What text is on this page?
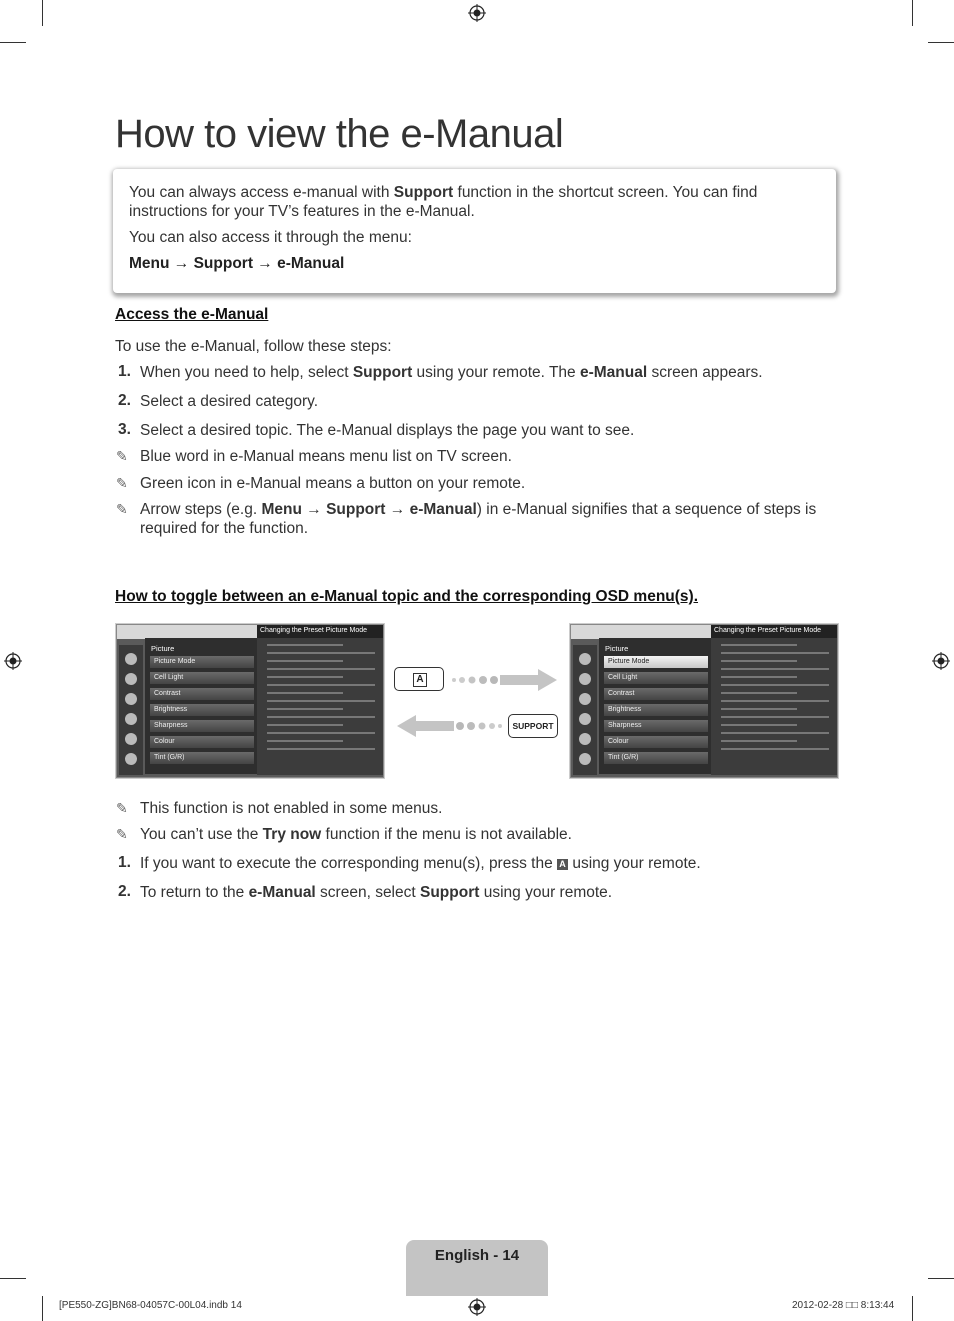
How to view the e-Manual

You can always access e-manual with Support function in the shortcut screen. You can find
instructions for your TV’s features in the e-Manual.

You can also access it through the menu:

Menu → Support → e-Manual

Access the e-Manual

To use the e-Manual, follow these steps:

1. When you need to help, select Support using your remote. The e-Manual screen appears.

2. Select a desired category.

3. Select a desired topic. The e-Manual displays the page you want to see.

✎ Blue word in e-Manual means menu list on TV screen.

✎ Green icon in e-Manual means a button on your remote.

✎ Arrow steps (e.g. Menu → Support → e-Manual) in e-Manual signifies that a sequence of steps is
required for the function.

How to toggle between an e-Manual topic and the corresponding OSD menu(s).
Picture
Picture Mode
Cell Light
Contrast
Brightness
Sharpness
Colour
Tint (G/R)
Changing the Preset Picture Mode
Picture
Picture Mode
Cell Light
Contrast
Brightness
Sharpness
Colour
Tint (G/R)
Changing the Preset Picture Mode
A
SUPPORT
✎ This function is not enabled in some menus.

✎ You can’t use the Try now function if the menu is not available.

1. If you want to execute the corresponding menu(s), press the A using your remote.

2. To return to the e-Manual screen, select Support using your remote.

English - 14
[PE550-ZG]BN68-04057C-00L04.indb 14	2012-02-28 □□ 8:13:44
